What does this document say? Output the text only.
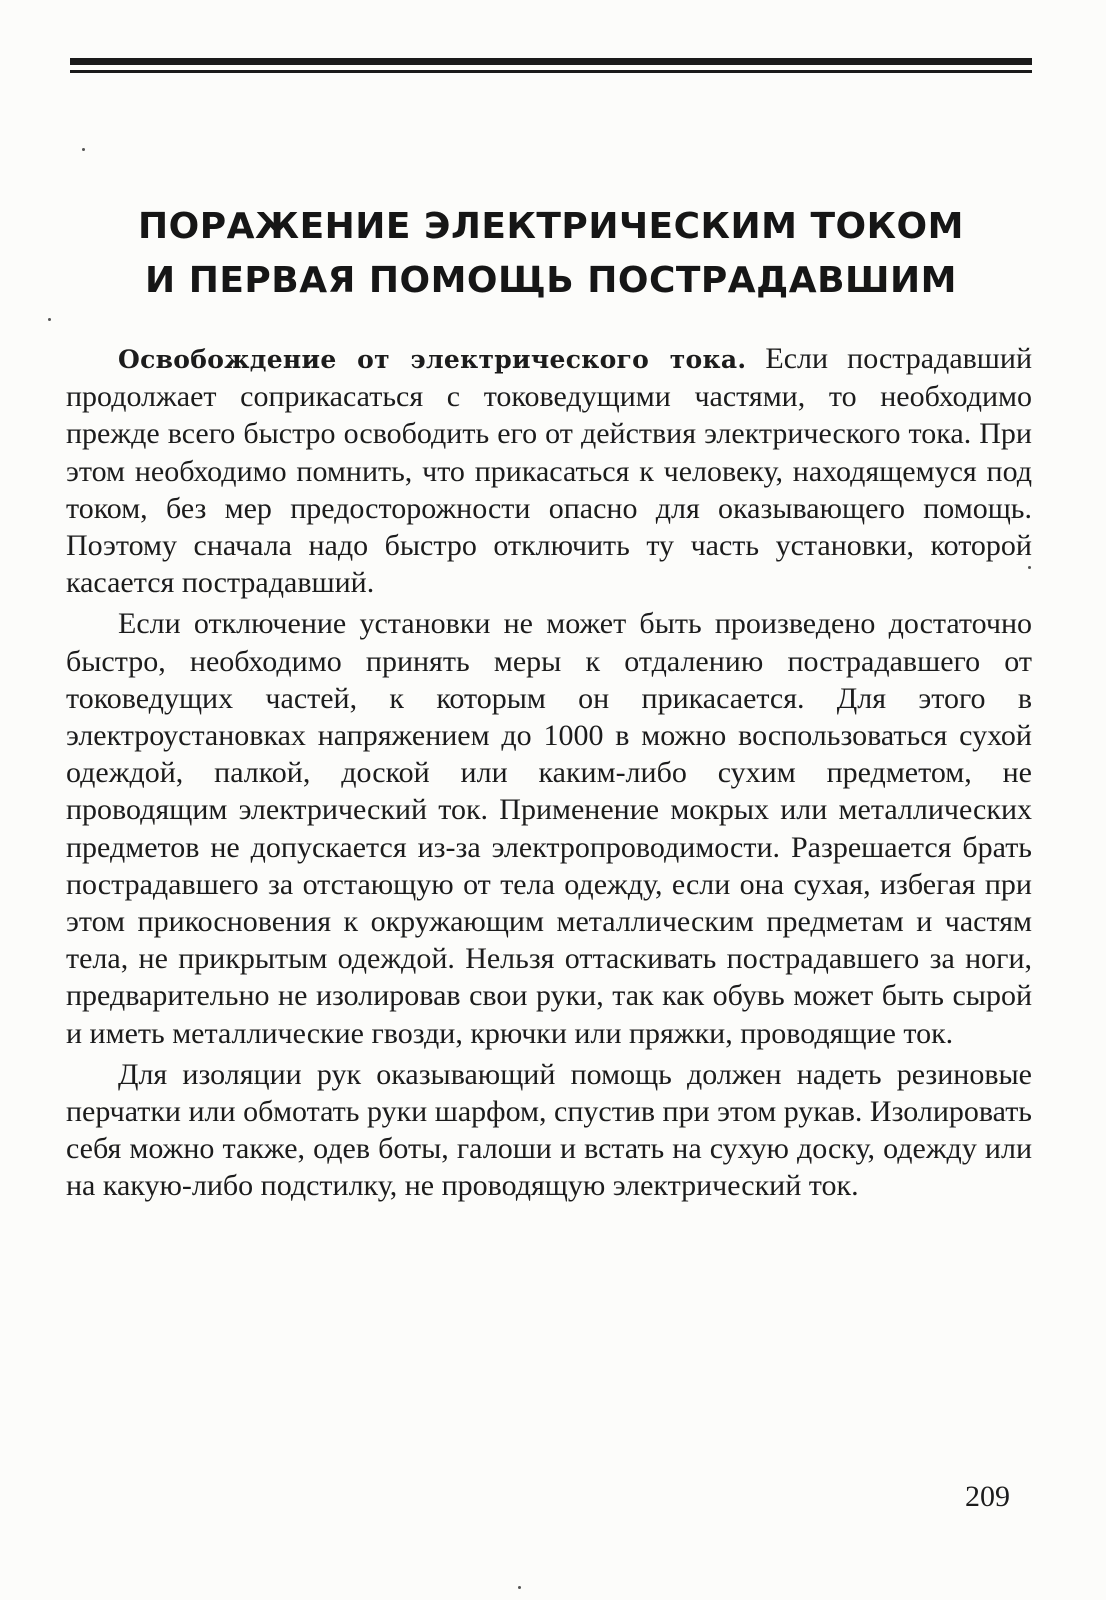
ПОРАЖЕНИЕ ЭЛЕКТРИЧЕСКИМ ТОКОМ
И ПЕРВАЯ ПОМОЩЬ ПОСТРАДАВШИМ

Освобождение от электрического тока. Если пострадавший продолжает соприкасаться с токоведущими частями, то необходимо прежде всего быстро освободить его от действия электрического тока. При этом необходимо помнить, что прикасаться к человеку, находящемуся под током, без мер предосторожности опасно для оказывающего помощь. Поэтому сначала надо быстро отключить ту часть установки, которой касается пострадавший.

Если отключение установки не может быть произведено достаточно быстро, необходимо принять меры к отдалению пострадавшего от токоведущих частей, к которым он прикасается. Для этого в электроустановках напряжением до 1000 в можно воспользоваться сухой одеждой, палкой, доской или каким-либо сухим предметом, не проводящим электрический ток. Применение мокрых или металлических предметов не допускается из-за электропроводимости. Разрешается брать пострадавшего за отстающую от тела одежду, если она сухая, избегая при этом прикосновения к окружающим металлическим предметам и частям тела, не прикрытым одеждой. Нельзя оттаскивать пострадавшего за ноги, предварительно не изолировав свои руки, так как обувь может быть сырой и иметь металлические гвозди, крючки или пряжки, проводящие ток.

Для изоляции рук оказывающий помощь должен надеть резиновые перчатки или обмотать руки шарфом, спустив при этом рукав. Изолировать себя можно также, одев боты, галоши и встать на сухую доску, одежду или на какую-либо подстилку, не проводящую электрический ток.

209
